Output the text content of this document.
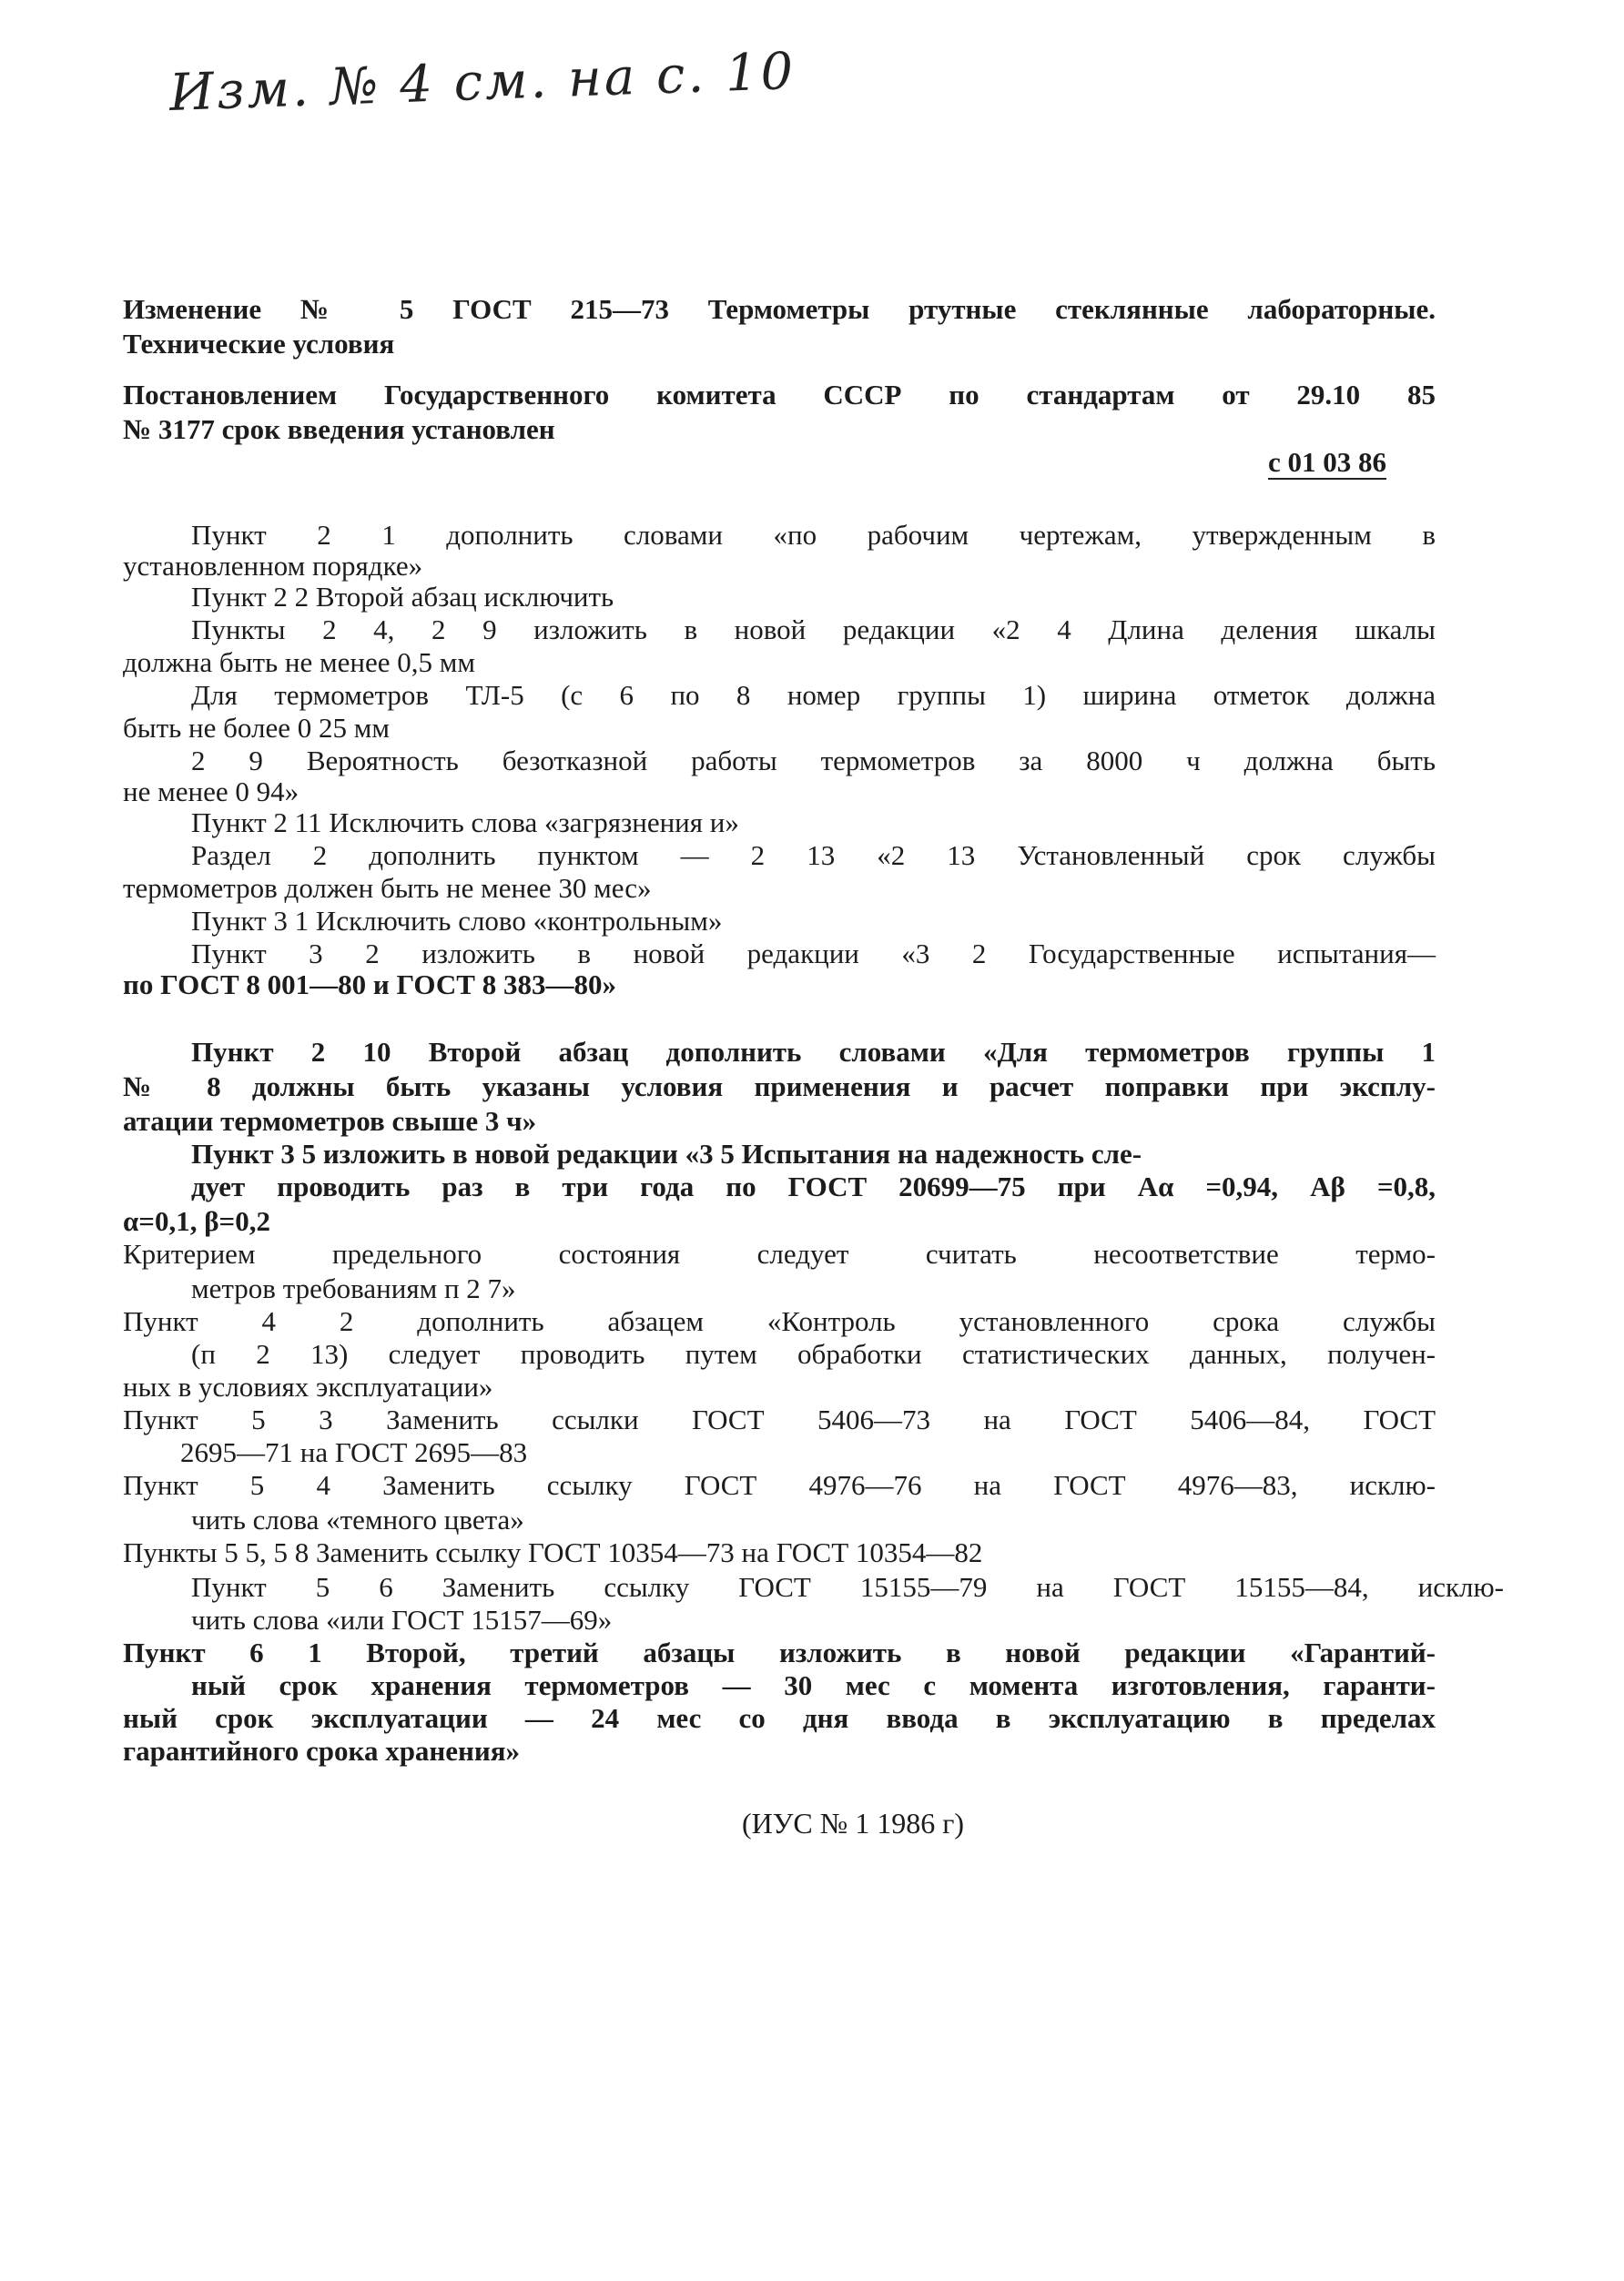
Изм. № 4 см. на с. 10
Изменение № 5 ГОСТ 215—73 Термометры ртутные стеклянные лабораторные.
Технические условия
Постановлением Государственного комитета СССР по стандартам от 29.10 85
№ 3177 срок введения установлен
с 01 03 86
Пункт 2 1 дополнить словами «по рабочим чертежам, утвержденным в
установленном порядке»
Пункт 2 2 Второй абзац исключить
Пункты 2 4, 2 9 изложить в новой редакции «2 4 Длина деления шкалы
должна быть не менее 0,5 мм
Для термометров ТЛ-5 (с 6 по 8 номер группы 1) ширина отметок должна
быть не более 0 25 мм
2 9 Вероятность безотказной работы термометров за 8000 ч должна быть
не менее 0 94»
Пункт 2 11 Исключить слова «загрязнения и»
Раздел 2 дополнить пунктом — 2 13 «2 13 Установленный срок службы
термометров должен быть не менее 30 мес»
Пункт 3 1 Исключить слово «контрольным»
Пункт 3 2 изложить в новой редакции «3 2 Государственные испытания—
по ГОСТ 8 001—80 и ГОСТ 8 383—80»
Пункт 2 10 Второй абзац дополнить словами «Для термометров группы 1
№ 8 должны быть указаны условия применения и расчет поправки при эксплу-
атации термометров свыше 3 ч»
Пункт 3 5 изложить в новой редакции «3 5 Испытания на надежность сле-
дует проводить раз в три года по ГОСТ 20699—75 при Aα =0,94, Aβ =0,8,
α=0,1, β=0,2
Критерием предельного состояния следует считать несоответствие термо-
метров требованиям п 2 7»
Пункт 4 2 дополнить абзацем «Контроль установленного срока службы
(п 2 13) следует проводить путем обработки статистических данных, получен-
ных в условиях эксплуатации»
Пункт 5 3 Заменить ссылки ГОСТ 5406—73 на ГОСТ 5406—84, ГОСТ
2695—71 на ГОСТ 2695—83
Пункт 5 4 Заменить ссылку ГОСТ 4976—76 на ГОСТ 4976—83, исклю-
чить слова «темного цвета»
Пункты 5 5, 5 8 Заменить ссылку ГОСТ 10354—73 на ГОСТ 10354—82
Пункт 5 6 Заменить ссылку ГОСТ 15155—79 на ГОСТ 15155—84, исклю-
чить слова «или ГОСТ 15157—69»
Пункт 6 1 Второй, третий абзацы изложить в новой редакции «Гарантий-
ный срок хранения термометров — 30 мес с момента изготовления, гаранти-
ный срок эксплуатации — 24 мес со дня ввода в эксплуатацию в пределах
гарантийного срока хранения»
(ИУС № 1 1986 г)
